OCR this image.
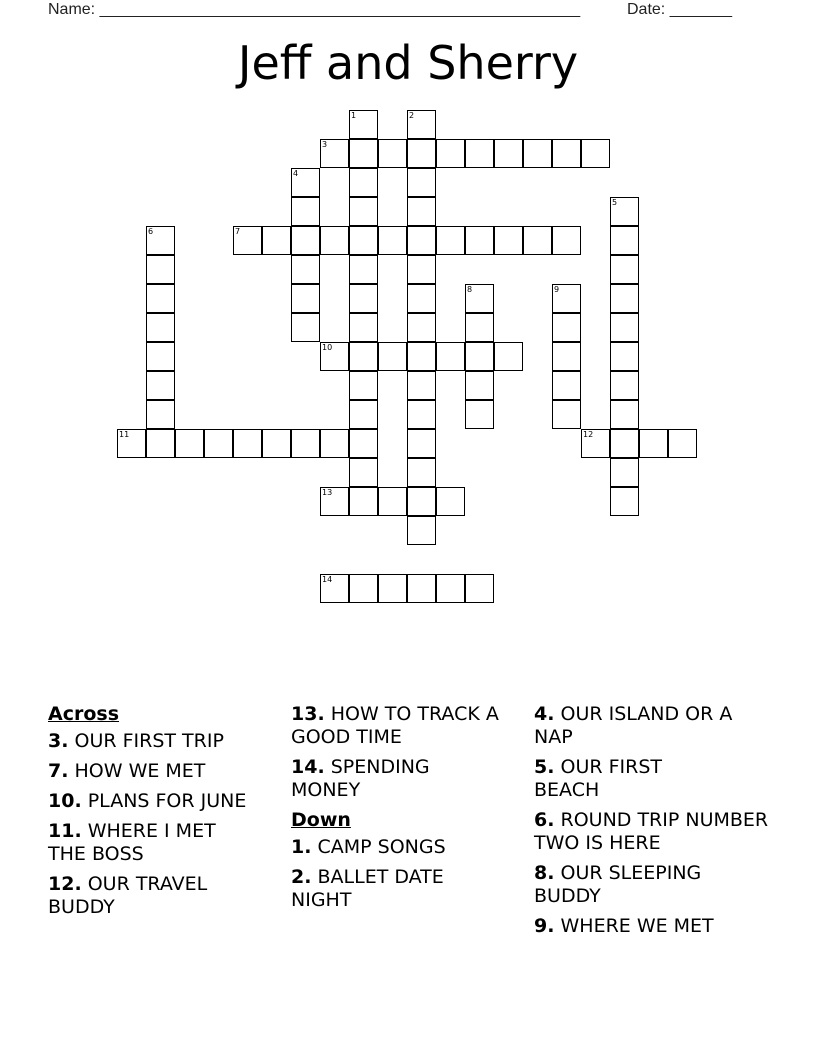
Name: ______________________________________________________	Date: _______
Jeff and Sherry
1	2
3
4
5
6	7
8	9
10
11	12
13
14
Across
3. OUR FIRST TRIP
7. HOW WE MET
10. PLANS FOR JUNE
11. WHERE I MET THE BOSS
12. OUR TRAVEL BUDDY
13. HOW TO TRACK A GOOD TIME
14. SPENDING MONEY
Down
1. CAMP SONGS
2. BALLET DATE NIGHT
4. OUR ISLAND OR A NAP
5. OUR FIRST BEACH
6. ROUND TRIP NUMBER TWO IS HERE
8. OUR SLEEPING BUDDY
9. WHERE WE MET
